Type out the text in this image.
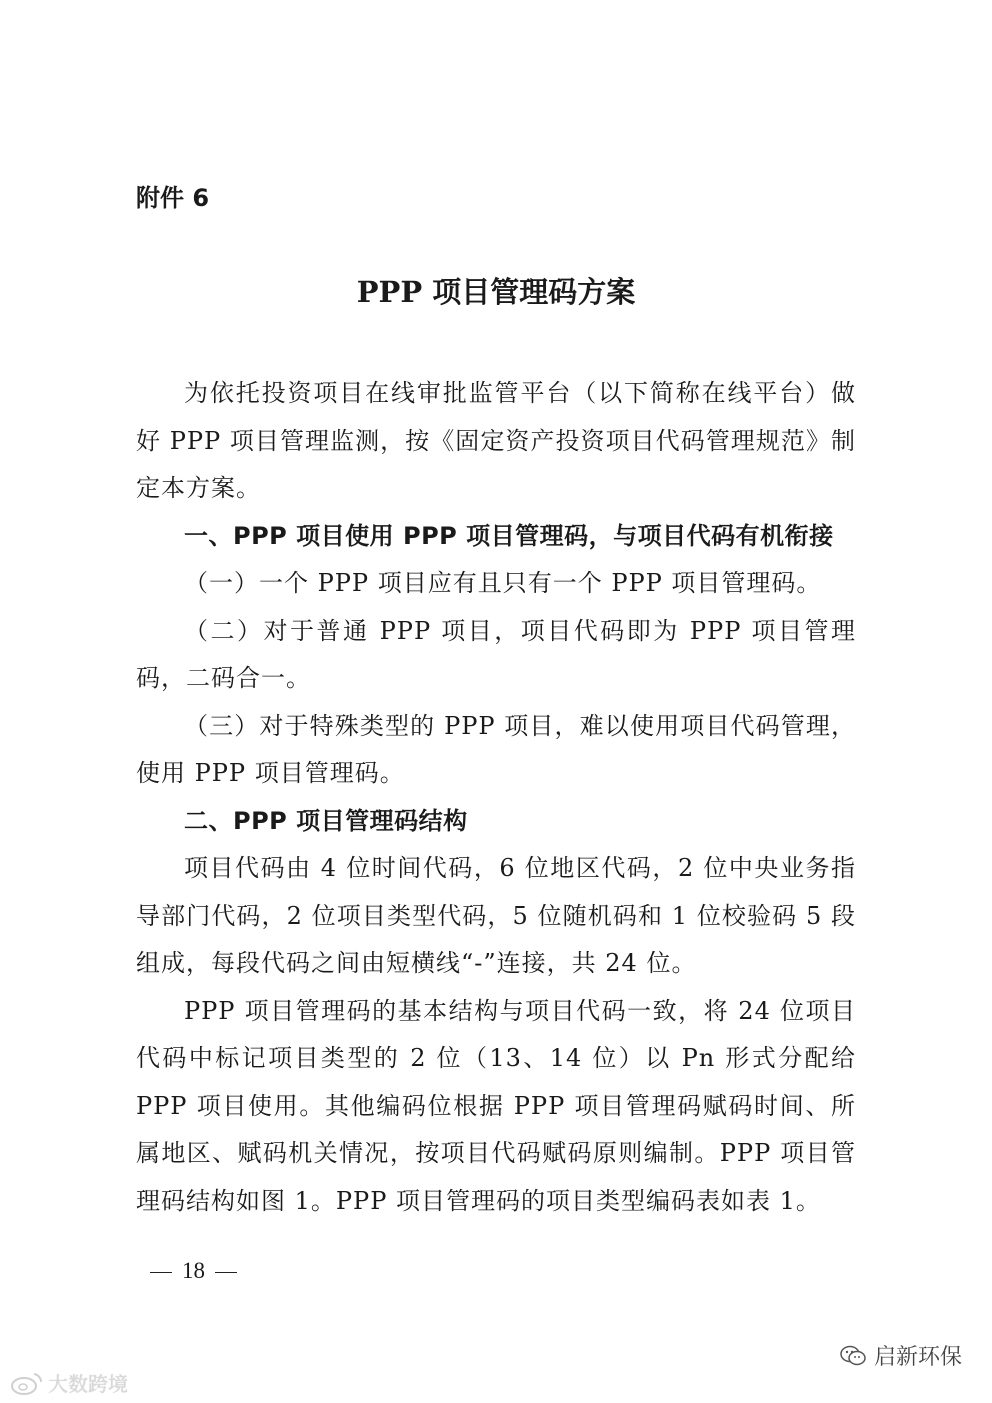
附件 6

PPP 项目管理码方案

为依托投资项目在线审批监管平台（以下简称在线平台）做好 PPP 项目管理监测，按《固定资产投资项目代码管理规范》制定本方案。

一、PPP 项目使用 PPP 项目管理码，与项目代码有机衔接

（一）一个 PPP 项目应有且只有一个 PPP 项目管理码。

（二）对于普通 PPP 项目，项目代码即为 PPP 项目管理码，二码合一。

（三）对于特殊类型的 PPP 项目，难以使用项目代码管理，使用 PPP 项目管理码。

二、PPP 项目管理码结构

项目代码由 4 位时间代码，6 位地区代码，2 位中央业务指导部门代码，2 位项目类型代码，5 位随机码和 1 位校验码 5 段组成，每段代码之间由短横线“-”连接，共 24 位。

PPP 项目管理码的基本结构与项目代码一致，将 24 位项目代码中标记项目类型的 2 位（13、14 位）以 Pn 形式分配给 PPP 项目使用。其他编码位根据 PPP 项目管理码赋码时间、所属地区、赋码机关情况，按项目代码赋码原则编制。PPP 项目管理码结构如图 1。PPP 项目管理码的项目类型编码表如表 1。

18
启新环保
大数跨境
